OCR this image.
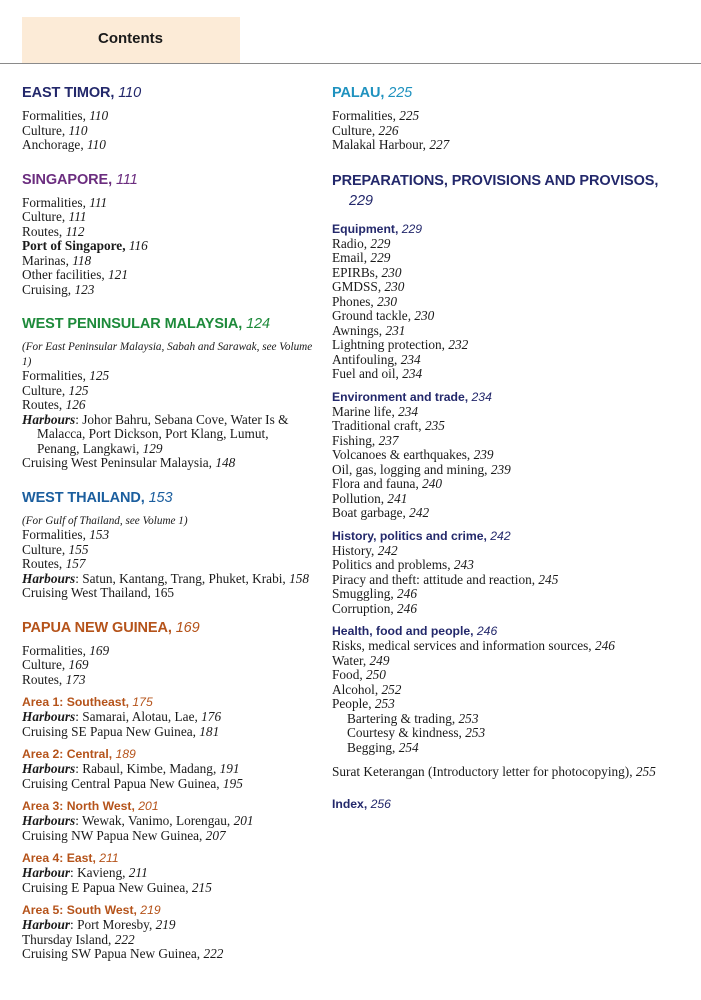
Contents
EAST TIMOR, 110
Formalities, 110
Culture, 110
Anchorage, 110
SINGAPORE, 111
Formalities, 111
Culture, 111
Routes, 112
Port of Singapore, 116
Marinas, 118
Other facilities, 121
Cruising, 123
WEST PENINSULAR MALAYSIA, 124
(For East Peninsular Malaysia, Sabah and Sarawak, see Volume 1)
Formalities, 125
Culture, 125
Routes, 126
Harbours: Johor Bahru, Sebana Cove, Water Is & Malacca, Port Dickson, Port Klang, Lumut, Penang, Langkawi, 129
Cruising West Peninsular Malaysia, 148
WEST THAILAND, 153
(For Gulf of Thailand, see Volume 1)
Formalities, 153
Culture, 155
Routes, 157
Harbours: Satun, Kantang, Trang, Phuket, Krabi, 158
Cruising West Thailand, 165
PAPUA NEW GUINEA, 169
Formalities, 169
Culture, 169
Routes, 173
Area 1: Southeast, 175
Harbours: Samarai, Alotau, Lae, 176
Cruising SE Papua New Guinea, 181
Area 2: Central, 189
Harbours: Rabaul, Kimbe, Madang, 191
Cruising Central Papua New Guinea, 195
Area 3: North West, 201
Harbours: Wewak, Vanimo, Lorengau, 201
Cruising NW Papua New Guinea, 207
Area 4: East, 211
Harbour: Kavieng, 211
Cruising E Papua New Guinea, 215
Area 5: South West, 219
Harbour: Port Moresby, 219
Thursday Island, 222
Cruising SW Papua New Guinea, 222
PALAU, 225
Formalities, 225
Culture, 226
Malakal Harbour, 227
PREPARATIONS, PROVISIONS AND PROVISOS, 229
Equipment, 229
Radio, 229
Email, 229
EPIRBs, 230
GMDSS, 230
Phones, 230
Ground tackle, 230
Awnings, 231
Lightning protection, 232
Antifouling, 234
Fuel and oil, 234
Environment and trade, 234
Marine life, 234
Traditional craft, 235
Fishing, 237
Volcanoes & earthquakes, 239
Oil, gas, logging and mining, 239
Flora and fauna, 240
Pollution, 241
Boat garbage, 242
History, politics and crime, 242
History, 242
Politics and problems, 243
Piracy and theft: attitude and reaction, 245
Smuggling, 246
Corruption, 246
Health, food and people, 246
Risks, medical services and information sources, 246
Water, 249
Food, 250
Alcohol, 252
People, 253
Bartering & trading, 253
Courtesy & kindness, 253
Begging, 254
Surat Keterangan (Introductory letter for photocopying), 255
Index, 256
